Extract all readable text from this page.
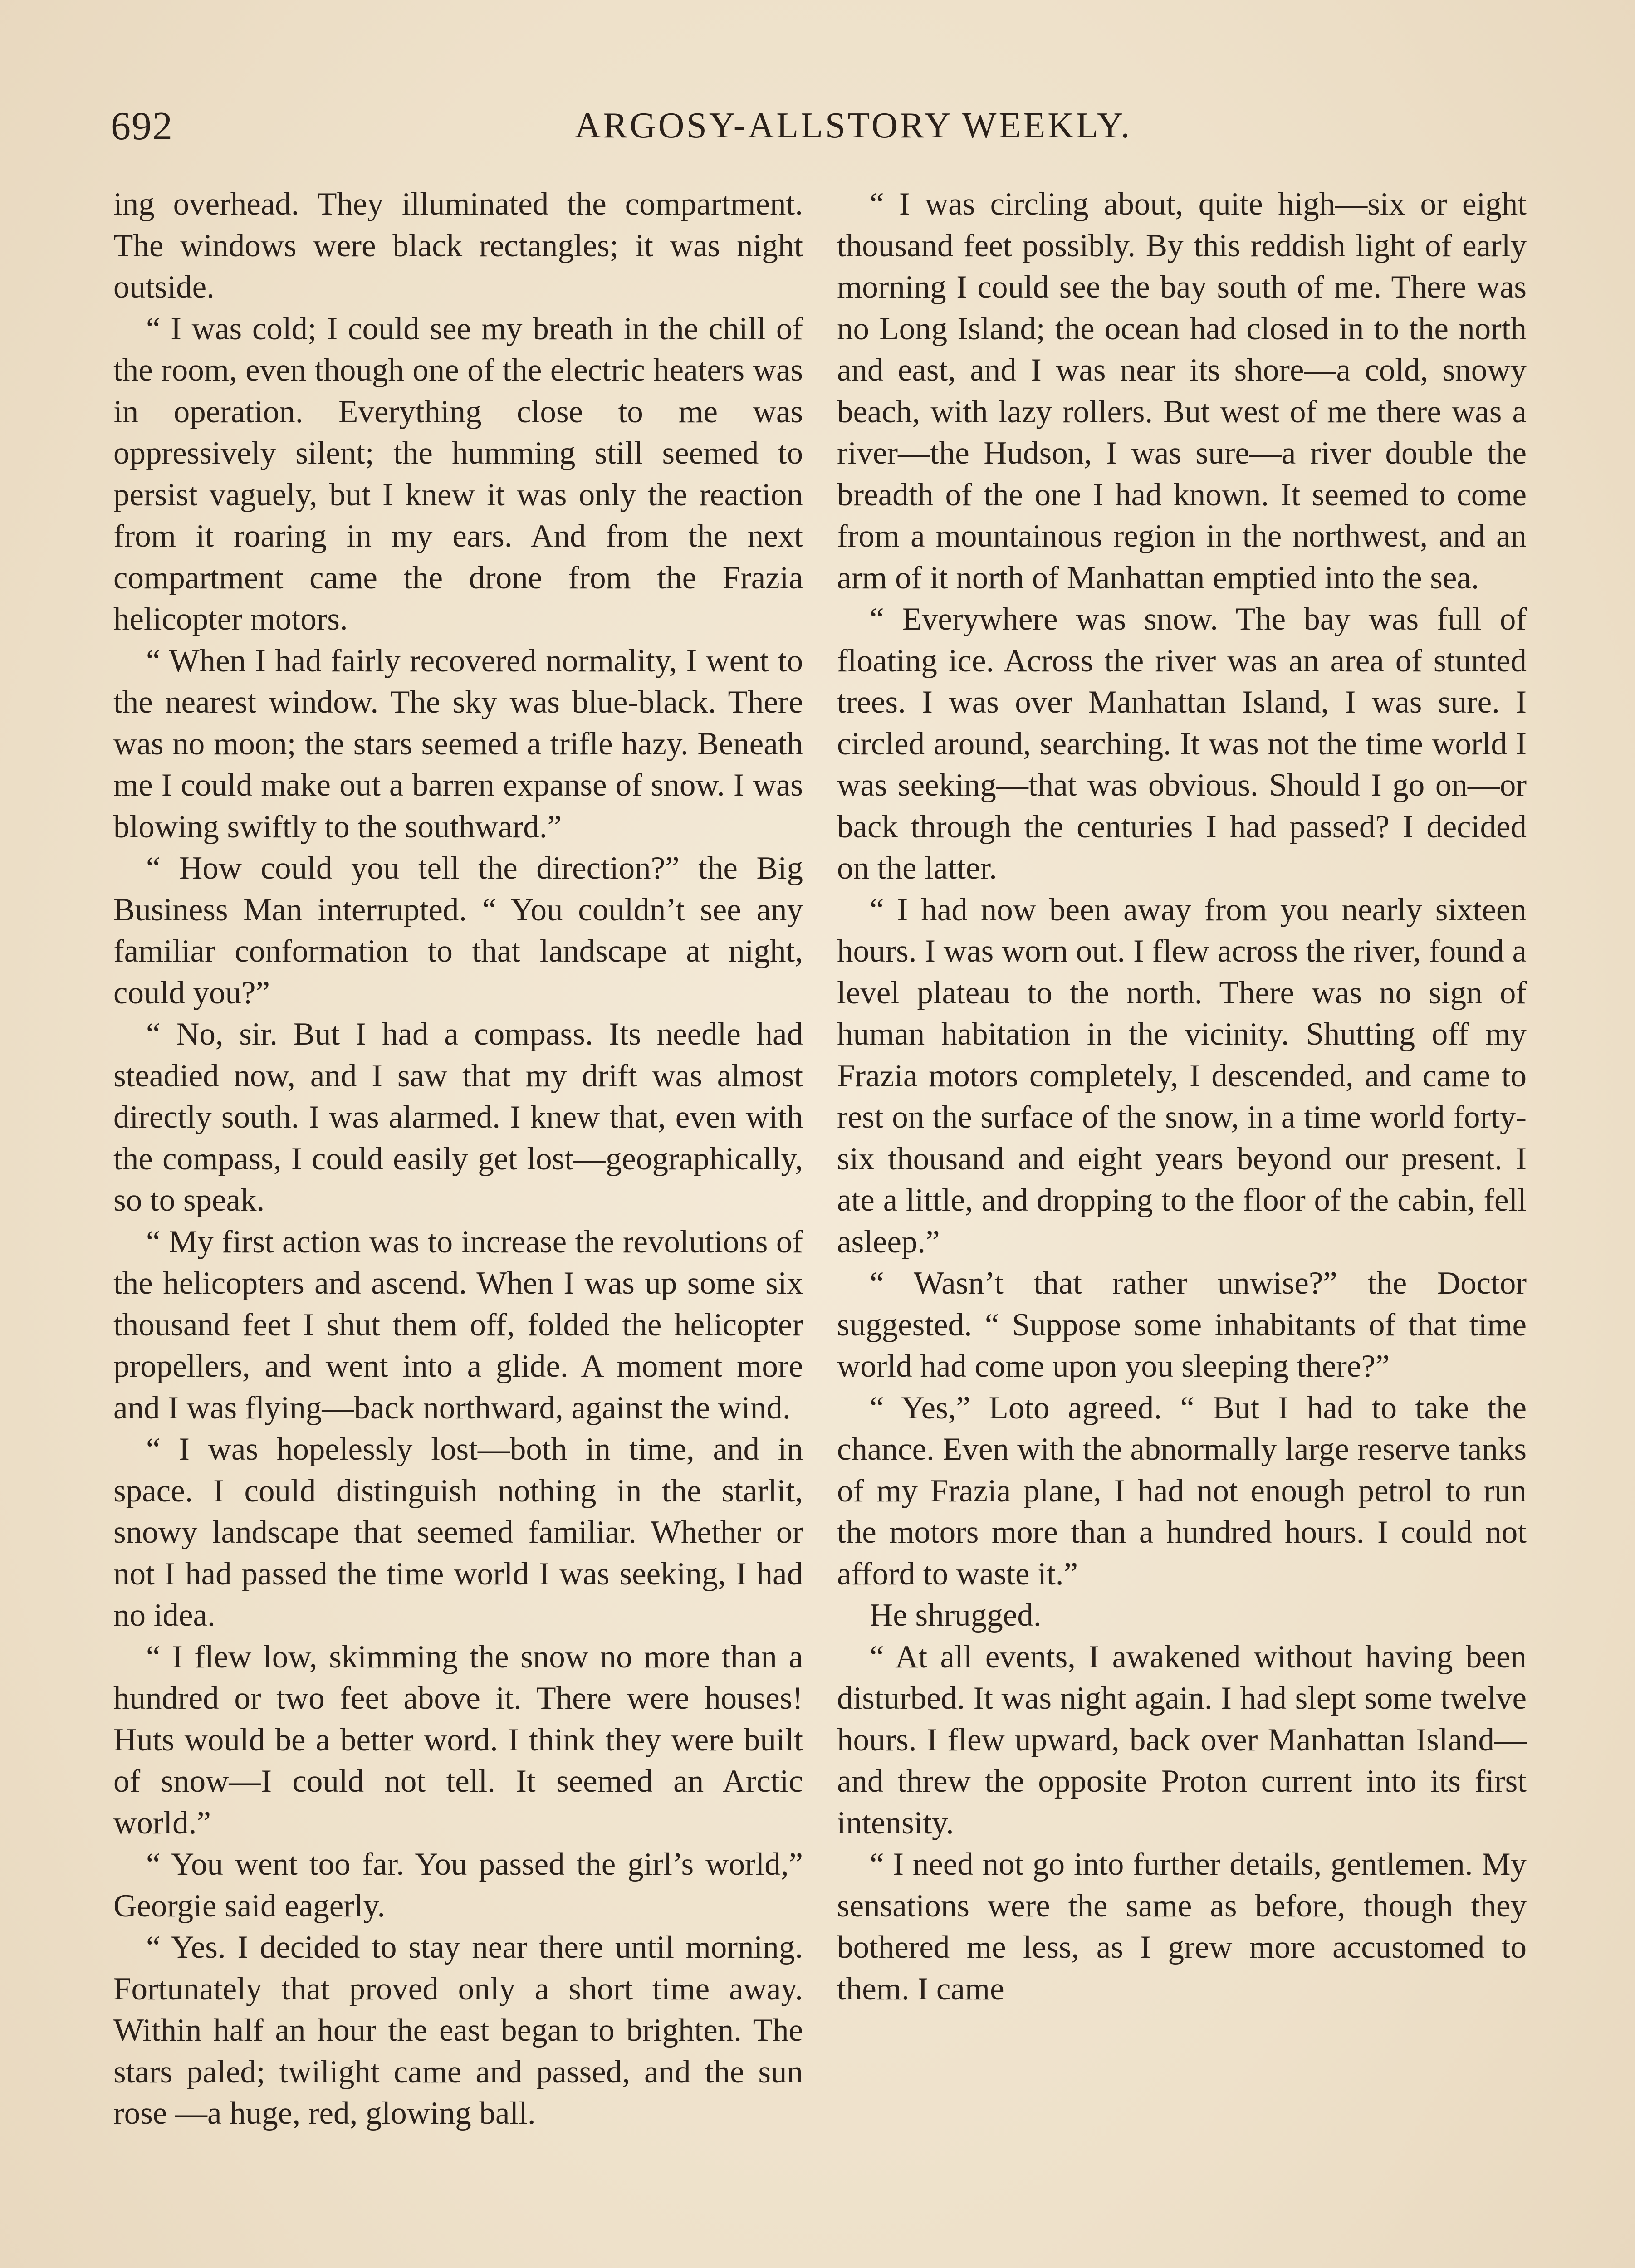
692	ARGOSY-ALLSTORY WEEKLY.

ing overhead. They illuminated the compartment. The windows were black rectangles; it was night outside.

“ I was cold; I could see my breath in the chill of the room, even though one of the electric heaters was in operation. Everything close to me was oppressively silent; the humming still seemed to persist vaguely, but I knew it was only the reaction from it roaring in my ears. And from the next compartment came the drone from the Frazia helicopter motors.

“ When I had fairly recovered normality, I went to the nearest window. The sky was blue-black. There was no moon; the stars seemed a trifle hazy. Beneath me I could make out a barren expanse of snow. I was blowing swiftly to the southward.”

“ How could you tell the direction?” the Big Business Man interrupted. “ You couldn’t see any familiar conformation to that landscape at night, could you?”

“ No, sir. But I had a compass. Its needle had steadied now, and I saw that my drift was almost directly south. I was alarmed. I knew that, even with the compass, I could easily get lost—geographically, so to speak.

“ My first action was to increase the revolutions of the helicopters and ascend. When I was up some six thousand feet I shut them off, folded the helicopter propellers, and went into a glide. A moment more and I was flying—back northward, against the wind.

“ I was hopelessly lost—both in time, and in space. I could distinguish nothing in the starlit, snowy landscape that seemed familiar. Whether or not I had passed the time world I was seeking, I had no idea.

“ I flew low, skimming the snow no more than a hundred or two feet above it. There were houses! Huts would be a better word. I think they were built of snow—I could not tell. It seemed an Arctic world.”

“ You went too far. You passed the girl’s world,” Georgie said eagerly.

“ Yes. I decided to stay near there until morning. Fortunately that proved only a short time away. Within half an hour the east began to brighten. The stars paled; twilight came and passed, and the sun rose —a huge, red, glowing ball.

“ I was circling about, quite high—six or eight thousand feet possibly. By this reddish light of early morning I could see the bay south of me. There was no Long Island; the ocean had closed in to the north and east, and I was near its shore—a cold, snowy beach, with lazy rollers. But west of me there was a river—the Hudson, I was sure—a river double the breadth of the one I had known. It seemed to come from a mountainous region in the northwest, and an arm of it north of Manhattan emptied into the sea.

“ Everywhere was snow. The bay was full of floating ice. Across the river was an area of stunted trees. I was over Manhattan Island, I was sure. I circled around, searching. It was not the time world I was seeking—that was obvious. Should I go on—or back through the centuries I had passed? I decided on the latter.

“ I had now been away from you nearly sixteen hours. I was worn out. I flew across the river, found a level plateau to the north. There was no sign of human habitation in the vicinity. Shutting off my Frazia motors completely, I descended, and came to rest on the surface of the snow, in a time world forty-six thousand and eight years beyond our present. I ate a little, and dropping to the floor of the cabin, fell asleep.”

“ Wasn’t that rather unwise?” the Doctor suggested. “ Suppose some inhabitants of that time world had come upon you sleeping there?”

“ Yes,” Loto agreed. “ But I had to take the chance. Even with the abnormally large reserve tanks of my Frazia plane, I had not enough petrol to run the motors more than a hundred hours. I could not afford to waste it.”

He shrugged.

“ At all events, I awakened without having been disturbed. It was night again. I had slept some twelve hours. I flew upward, back over Manhattan Island—and threw the opposite Proton current into its first intensity.

“ I need not go into further details, gentlemen. My sensations were the same as before, though they bothered me less, as I grew more accustomed to them. I came
